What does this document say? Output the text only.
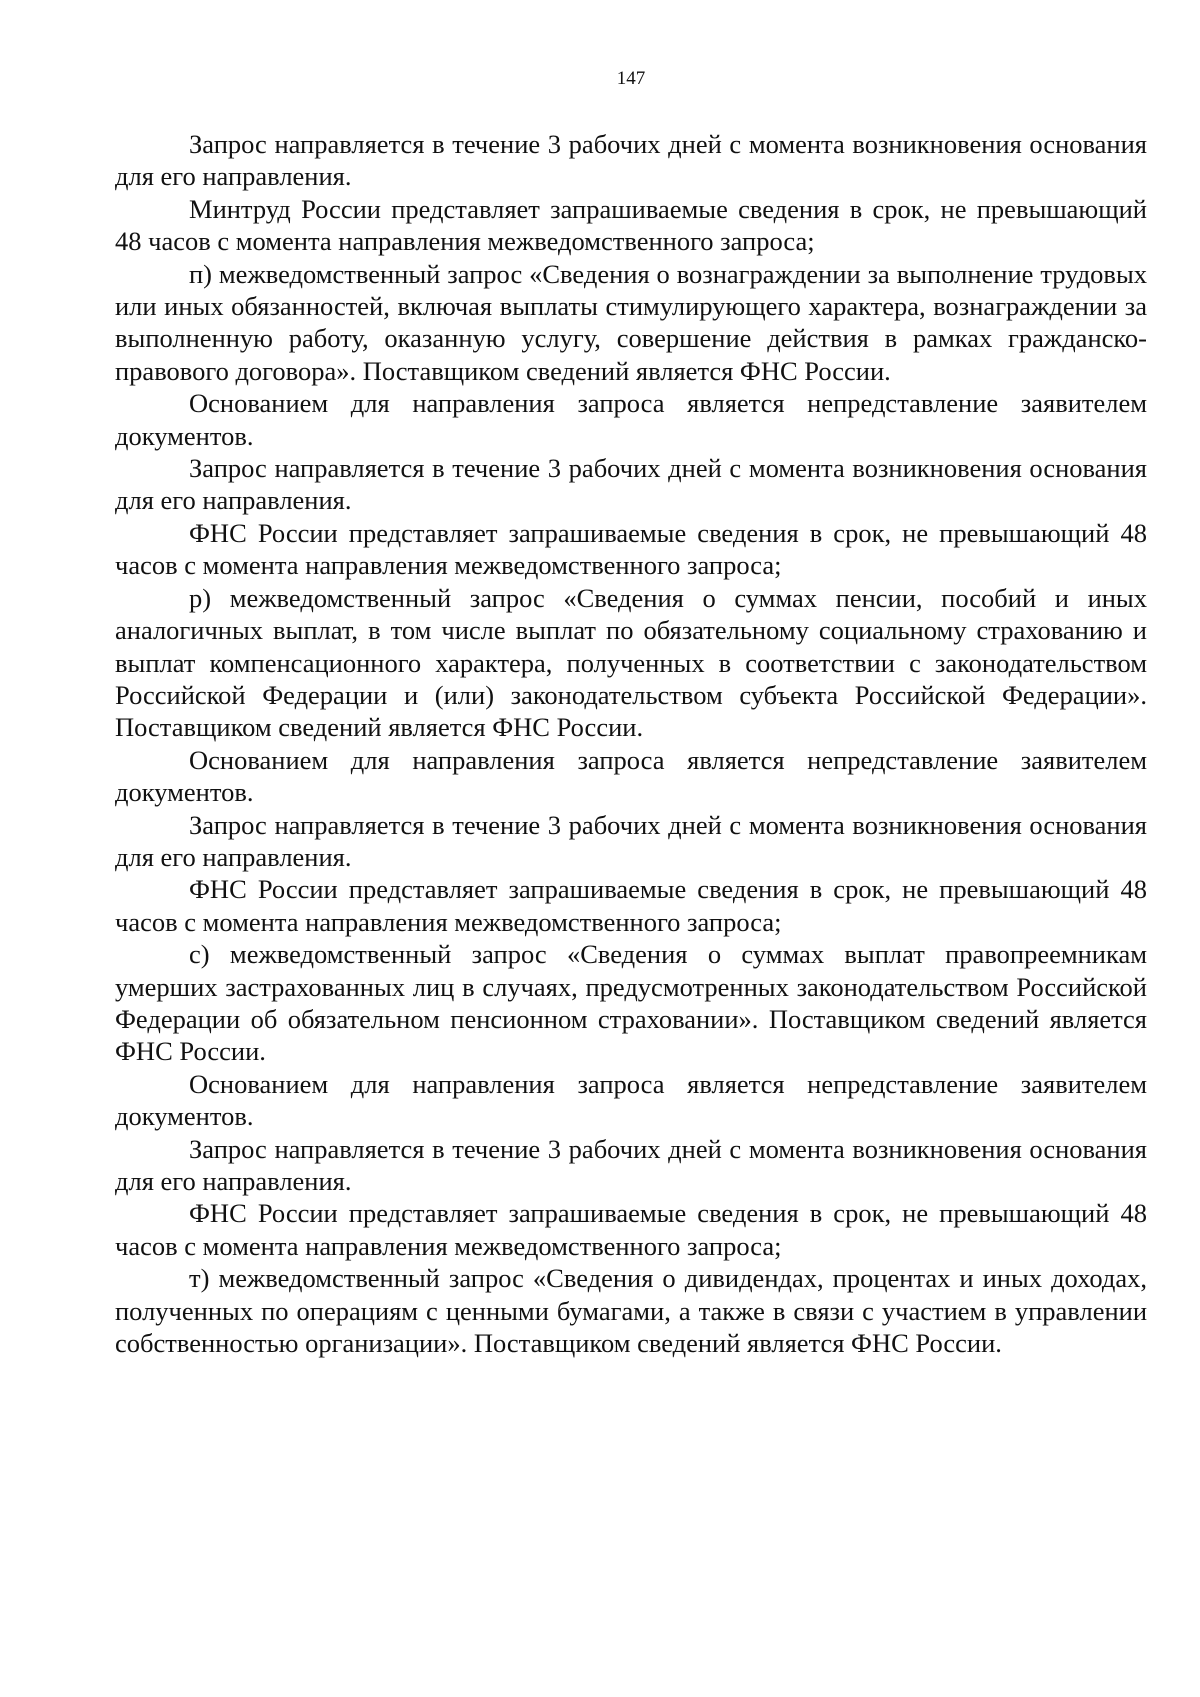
147

Запрос направляется в течение 3 рабочих дней с момента возникновения основания для его направления.

Минтруд России представляет запрашиваемые сведения в срок, не превышающий 48 часов с момента направления межведомственного запроса;

п) межведомственный запрос «Сведения о вознаграждении за выполнение трудовых или иных обязанностей, включая выплаты стимулирующего характера, вознаграждении за выполненную работу, оказанную услугу, совершение действия в рамках гражданско-правового договора». Поставщиком сведений является ФНС России.

Основанием для направления запроса является непредставление заявителем документов.

Запрос направляется в течение 3 рабочих дней с момента возникновения основания для его направления.

ФНС России представляет запрашиваемые сведения в срок, не превышающий 48 часов с момента направления межведомственного запроса;

р) межведомственный запрос «Сведения о суммах пенсии, пособий и иных аналогичных выплат, в том числе выплат по обязательному социальному страхованию и выплат компенсационного характера, полученных в соответствии с законодательством Российской Федерации и (или) законодательством субъекта Российской Федерации». Поставщиком сведений является ФНС России.

Основанием для направления запроса является непредставление заявителем документов.

Запрос направляется в течение 3 рабочих дней с момента возникновения основания для его направления.

ФНС России представляет запрашиваемые сведения в срок, не превышающий 48 часов с момента направления межведомственного запроса;

с) межведомственный запрос «Сведения о суммах выплат правопреемникам умерших застрахованных лиц в случаях, предусмотренных законодательством Российской Федерации об обязательном пенсионном страховании». Поставщиком сведений является ФНС России.

Основанием для направления запроса является непредставление заявителем документов.

Запрос направляется в течение 3 рабочих дней с момента возникновения основания для его направления.

ФНС России представляет запрашиваемые сведения в срок, не превышающий 48 часов с момента направления межведомственного запроса;

т) межведомственный запрос «Сведения о дивидендах, процентах и иных доходах, полученных по операциям с ценными бумагами, а также в связи с участием в управлении собственностью организации». Поставщиком сведений является ФНС России.
